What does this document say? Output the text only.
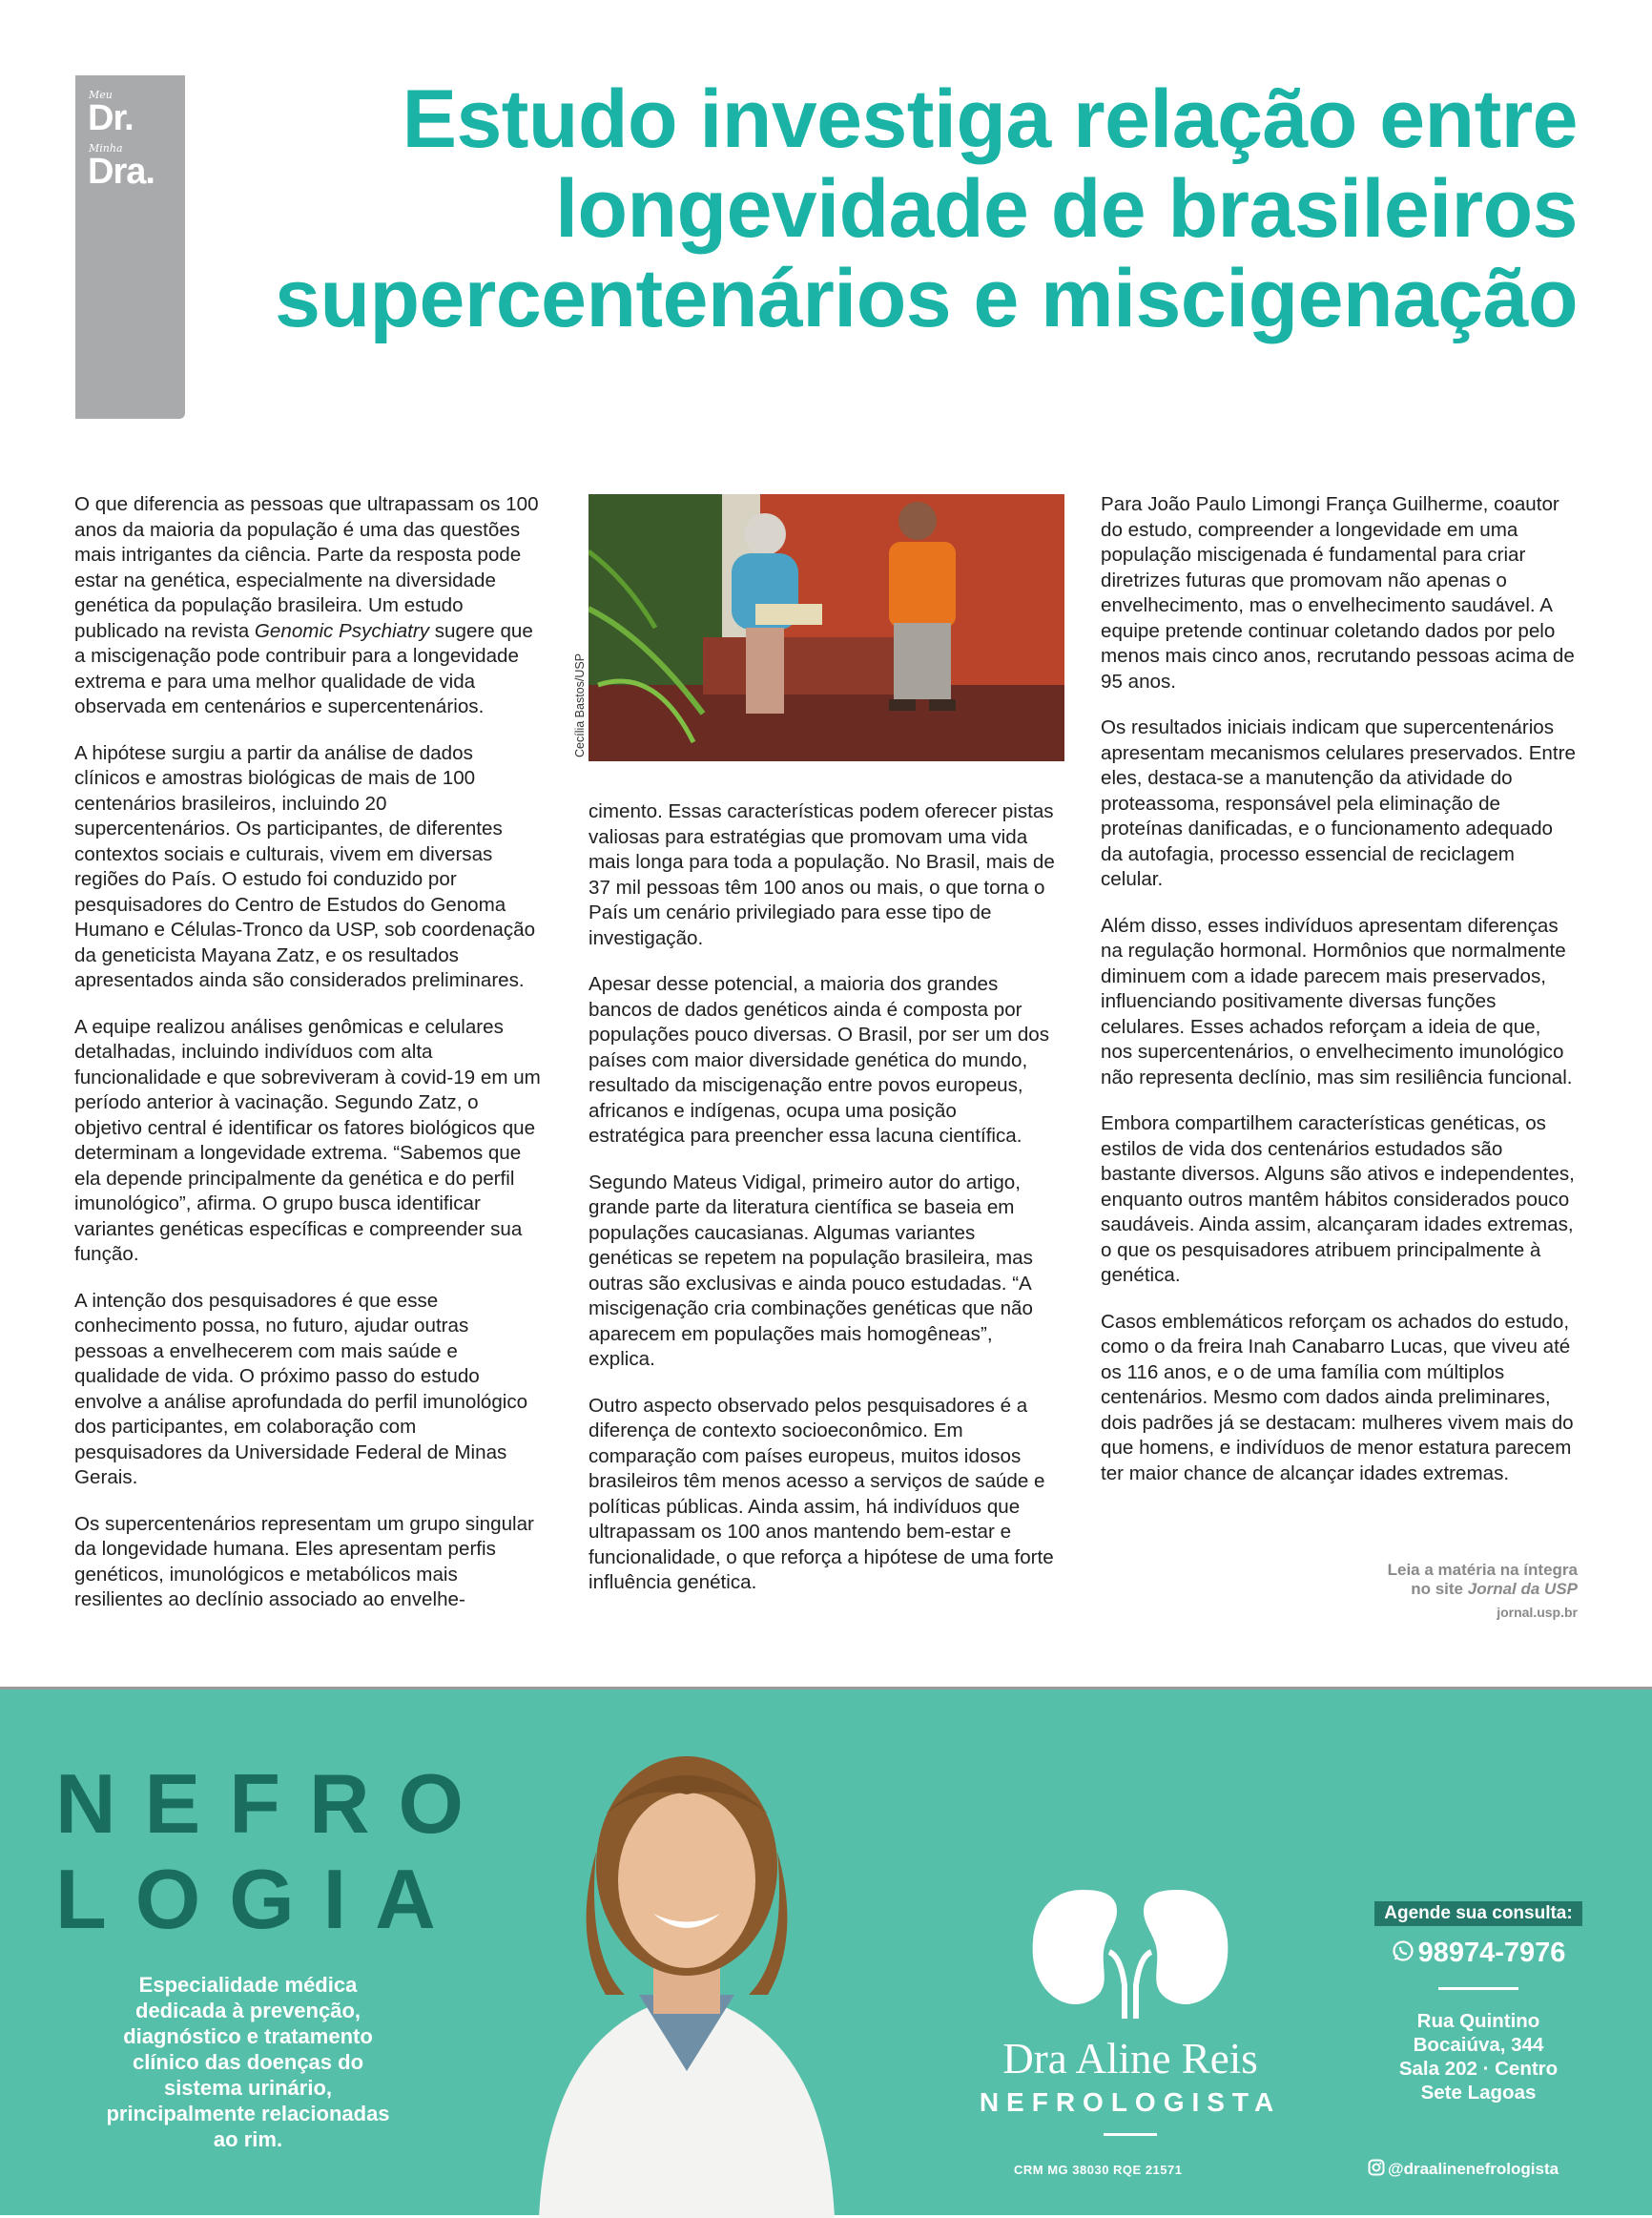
Meu
Dr.
Minha
Dra.
Estudo investiga relação entre longevidade de brasileiros supercentenários e miscigenação

O que diferencia as pessoas que ultrapassam os 100 anos da maioria da população é uma das questões mais intrigantes da ciência. Parte da resposta pode estar na genética, especialmente na diversidade genética da população brasileira. Um estudo publicado na revista Genomic Psychiatry sugere que a miscigenação pode contribuir para a longevidade extrema e para uma melhor qualidade de vida observada em centenários e supercentenários.

A hipótese surgiu a partir da análise de dados clínicos e amostras biológicas de mais de 100 centenários brasileiros, incluindo 20 supercentenários. Os participantes, de diferentes contextos sociais e culturais, vivem em diversas regiões do País. O estudo foi conduzido por pesquisadores do Centro de Estudos do Genoma Humano e Células-Tronco da USP, sob coordenação da geneticista Mayana Zatz, e os resultados apresentados ainda são considerados preliminares.

A equipe realizou análises genômicas e celulares detalhadas, incluindo indivíduos com alta funcionalidade e que sobreviveram à covid-19 em um período anterior à vacinação. Segundo Zatz, o objetivo central é identificar os fatores biológicos que determinam a longevidade extrema. “Sabemos que ela depende principalmente da genética e do perfil imunológico”, afirma. O grupo busca identificar variantes genéticas específicas e compreender sua função.

A intenção dos pesquisadores é que esse conhecimento possa, no futuro, ajudar outras pessoas a envelhecerem com mais saúde e qualidade de vida. O próximo passo do estudo envolve a análise aprofundada do perfil imunológico dos participantes, em colaboração com pesquisadores da Universidade Federal de Minas Gerais.

Os supercentenários representam um grupo singular da longevidade humana. Eles apresentam perfis genéticos, imunológicos e metabólicos mais resilientes ao declínio associado ao envelhe-

Cecília Bastos/USP

cimento. Essas características podem oferecer pistas valiosas para estratégias que promovam uma vida mais longa para toda a população. No Brasil, mais de 37 mil pessoas têm 100 anos ou mais, o que torna o País um cenário privilegiado para esse tipo de investigação.

Apesar desse potencial, a maioria dos grandes bancos de dados genéticos ainda é composta por populações pouco diversas. O Brasil, por ser um dos países com maior diversidade genética do mundo, resultado da miscigenação entre povos europeus, africanos e indígenas, ocupa uma posição estratégica para preencher essa lacuna científica.

Segundo Mateus Vidigal, primeiro autor do artigo, grande parte da literatura científica se baseia em populações caucasianas. Algumas variantes genéticas se repetem na população brasileira, mas outras são exclusivas e ainda pouco estudadas. “A miscigenação cria combinações genéticas que não aparecem em populações mais homogêneas”, explica.

Outro aspecto observado pelos pesquisadores é a diferença de contexto socioeconômico. Em comparação com países europeus, muitos idosos brasileiros têm menos acesso a serviços de saúde e políticas públicas. Ainda assim, há indivíduos que ultrapassam os 100 anos mantendo bem-estar e funcionalidade, o que reforça a hipótese de uma forte influência genética.

Para João Paulo Limongi França Guilherme, coautor do estudo, compreender a longevidade em uma população miscigenada é fundamental para criar diretrizes futuras que promovam não apenas o envelhecimento, mas o envelhecimento saudável. A equipe pretende continuar coletando dados por pelo menos mais cinco anos, recrutando pessoas acima de 95 anos.

Os resultados iniciais indicam que supercentenários apresentam mecanismos celulares preservados. Entre eles, destaca-se a manutenção da atividade do proteassoma, responsável pela eliminação de proteínas danificadas, e o funcionamento adequado da autofagia, processo essencial de reciclagem celular.

Além disso, esses indivíduos apresentam diferenças na regulação hormonal. Hormônios que normalmente diminuem com a idade parecem mais preservados, influenciando positivamente diversas funções celulares. Esses achados reforçam a ideia de que, nos supercentenários, o envelhecimento imunológico não representa declínio, mas sim resiliência funcional.

Embora compartilhem características genéticas, os estilos de vida dos centenários estudados são bastante diversos. Alguns são ativos e independentes, enquanto outros mantêm hábitos considerados pouco saudáveis. Ainda assim, alcançaram idades extremas, o que os pesquisadores atribuem principalmente à genética.

Casos emblemáticos reforçam os achados do estudo, como o da freira Inah Canabarro Lucas, que viveu até os 116 anos, e o de uma família com múltiplos centenários. Mesmo com dados ainda preliminares, dois padrões já se destacam: mulheres vivem mais do que homens, e indivíduos de menor estatura parecem ter maior chance de alcançar idades extremas.

Leia a matéria na íntegra
no site Jornal da USP
jornal.usp.br
NEFRO
LOGIA
Especialidade médica dedicada à prevenção, diagnóstico e tratamento clínico das doenças do sistema urinário, principalmente relacionadas ao rim.
Dra Aline Reis
NEFROLOGISTA
CRM MG 38030 RQE 21571
Agende sua consulta:
98974-7976
Rua Quintino
Bocaiúva, 344
Sala 202 · Centro
Sete Lagoas
@draalinenefrologista
